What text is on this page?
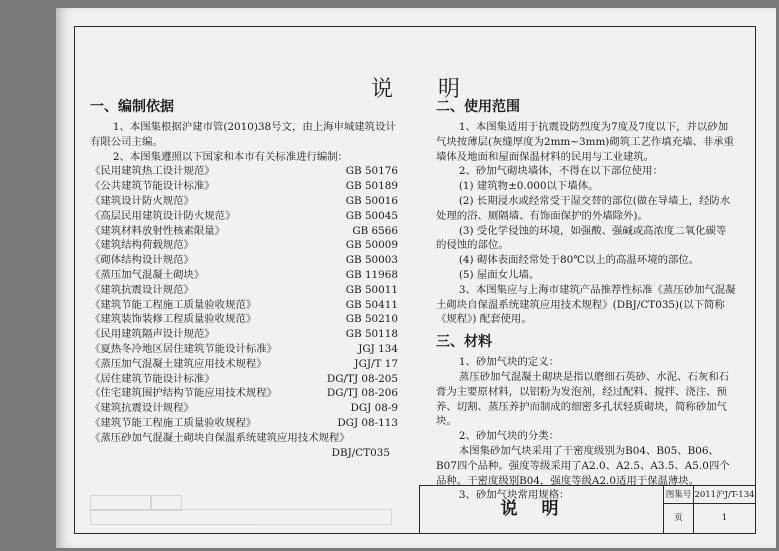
说 明
一、编制依据

1、本图集根据沪建市管(2010)38号文，由上海申城建筑设计有限公司主编。

2、本图集遵照以下国家和本市有关标准进行编制：

《民用建筑热工设计规范》	GB 50176

《公共建筑节能设计标准》	GB 50189

《建筑设计防火规范》	GB 50016

《高层民用建筑设计防火规范》	GB 50045

《建筑材料放射性核素限量》	GB 6566

《建筑结构荷载规范》	GB 50009

《砌体结构设计规范》	GB 50003

《蒸压加气混凝土砌块》	GB 11968

《建筑抗震设计规范》	GB 50011

《建筑节能工程施工质量验收规范》	GB 50411

《建筑装饰装修工程质量验收规范》	GB 50210

《民用建筑隔声设计规范》	GB 50118

《夏热冬冷地区居住建筑节能设计标准》	JGJ 134

《蒸压加气混凝土建筑应用技术规程》	JGJ/T 17

《居住建筑节能设计标准》	DG/TJ 08-205

《住宅建筑围护结构节能应用技术规程》	DG/TJ 08-206

《建筑抗震设计规程》	DGJ 08-9

《建筑节能工程施工质量验收规程》	DGJ 08-113

《蒸压砂加气混凝土砌块自保温系统建筑应用技术规程》

DBJ/CT035

二、使用范围

1、本图集适用于抗震设防烈度为7度及7度以下，并以砂加气块按薄层(灰缝厚度为2mm~3mm)砌筑工艺作填充墙、非承重墙体及地面和屋面保温材料的民用与工业建筑。

2、砂加气砌块墙体，不得在以下部位使用：

(1) 建筑物±0.000以下墙体。

(2) 长期浸水或经常受干湿交替的部位(做在导墙上，经防水处理的浴、厕隔墙、有饰面保护的外墙除外)。

(3) 受化学侵蚀的环境，如强酸、强碱或高浓度二氧化碳等的侵蚀的部位。

(4) 砌体表面经常处于80℃以上的高温环境的部位。

(5) 屋面女儿墙。

3、本图集应与上海市建筑产品推荐性标准《蒸压砂加气混凝土砌块自保温系统建筑应用技术规程》(DBJ/CT035)(以下简称《规程》) 配套使用。

三、材料

1、砂加气块的定义：

蒸压砂加气混凝土砌块是指以磨细石英砂、水泥、石灰和石膏为主要原材料，以铝粉为发泡剂，经过配料、搅拌、浇注、预养、切割、蒸压养护而制成的细密多孔状轻质砌块，简称砂加气块。

2、砂加气块的分类：

本图集砂加气块采用了干密度级别为B04、B05、B06、B07四个品种。强度等级采用了A2.0、A2.5、A3.5、A5.0四个品种。干密度级别B04，强度等级A2.0适用于保温薄块。

3、砂加气块常用规格：

说明
图集号 2011沪J/T-134
页	1
